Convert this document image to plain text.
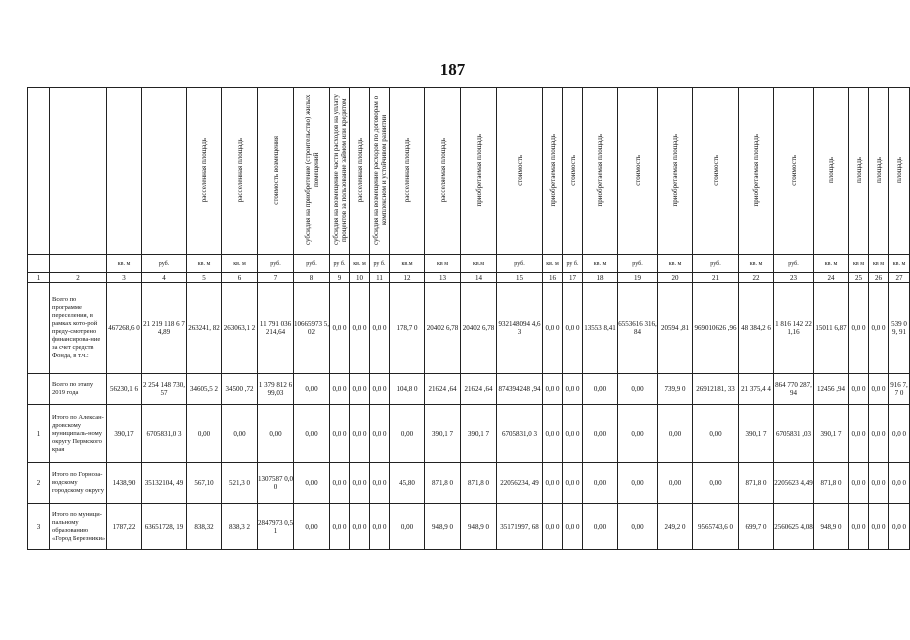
187
				расселенная площадь	расселенная площадь	стоимость возмещения	субсидия на приобретение (строительство) жилых помещений	субсидия на возмещение части расходов на уплату процентов за пользование займом или кредитом	расселенная площадь	субсидия на возмещение расходов по договорам о комплексном и устойчивом развитии	расселенная площадь	расселяемая площадь	приобретаемая площадь	стоимость	приобретаемая площадь	стоимость	приобретаемая площадь	стоимость	приобретаемая площадь	стоимость	приобретаемая площадь	стоимость	площадь	площадь	площадь	площадь
		кв. м	руб.	кв. м	кв. м	руб.	руб.	ру б.	кв. м	ру б.	кв.м	кв м	кв.м	руб.	кв. м	ру б.	кв. м	руб.	кв. м	руб.	кв. м	руб.	кв. м	кв м	кв м	кв. м
1	2	3	4	5	6	7	8	9	10	11	12	13	14	15	16	17	18	19	20	21	22	23	24	25	26	27
	Всего по программе переселения, в рамках кото-рой преду-смотрено финансирова-ние за счет средств Фонда, в т.ч.:	467268,6 0	21 219 118 6 74,89	263241, 82	263063,1 2	11 791 036 214,64	10665973 5,02	0,0 0	0,0 0	0,0 0	178,7 0	20402 6,78	20402 6,78	932148094 4,63	0,0 0	0,0 0	13553 8,41	6553616 316,84	20594 ,81	969010626 ,96	48 384,2 6	1 816 142 221,16	15011 6,87	0,0 0	0,0 0	539 09, 91
	Всего по этапу 2019 года	56230,1 6	2 254 148 730,57	34605,5 2	34500 ,72	1 379 812 699,03	0,00	0,0 0	0,0 0	0,0 0	104,8 0	21624 ,64	21624 ,64	874394248 ,94	0,0 0	0,0 0	0,00	0,00	739,9 0	26912181, 33	21 375,4 4	864 770 287,94	12456 ,94	0,0 0	0,0 0	916 7,7 0
1	Итого по Алексан-дровскому муниципаль-ному округу Пермского края	390,17	6705831,0 3	0,00	0,00	0,00	0,00	0,0 0	0,0 0	0,0 0	0,00	390,1 7	390,1 7	6705831,0 3	0,0 0	0,0 0	0,00	0,00	0,00	0,00	390,1 7	6705831 ,03	390,1 7	0,0 0	0,0 0	0,0 0
2	Итого по Горноза-водскому городскому округу	1438,90	35132104, 49	567,10	521,3 0	1307587 0,00	0,00	0,0 0	0,0 0	0,0 0	45,80	871,8 0	871,8 0	22056234, 49	0,0 0	0,0 0	0,00	0,00	0,00	0,00	871,8 0	2205623 4,49	871,8 0	0,0 0	0,0 0	0,0 0
3	Итого по муници-пальному образованию «Город Березники»	1787,22	63651728, 19	838,32	838,3 2	2847973 0,51	0,00	0,0 0	0,0 0	0,0 0	0,00	948,9 0	948,9 0	35171997, 68	0,0 0	0,0 0	0,00	0,00	249,2 0	9565743,6 0	699,7 0	2560625 4,08	948,9 0	0,0 0	0,0 0	0,0 0
